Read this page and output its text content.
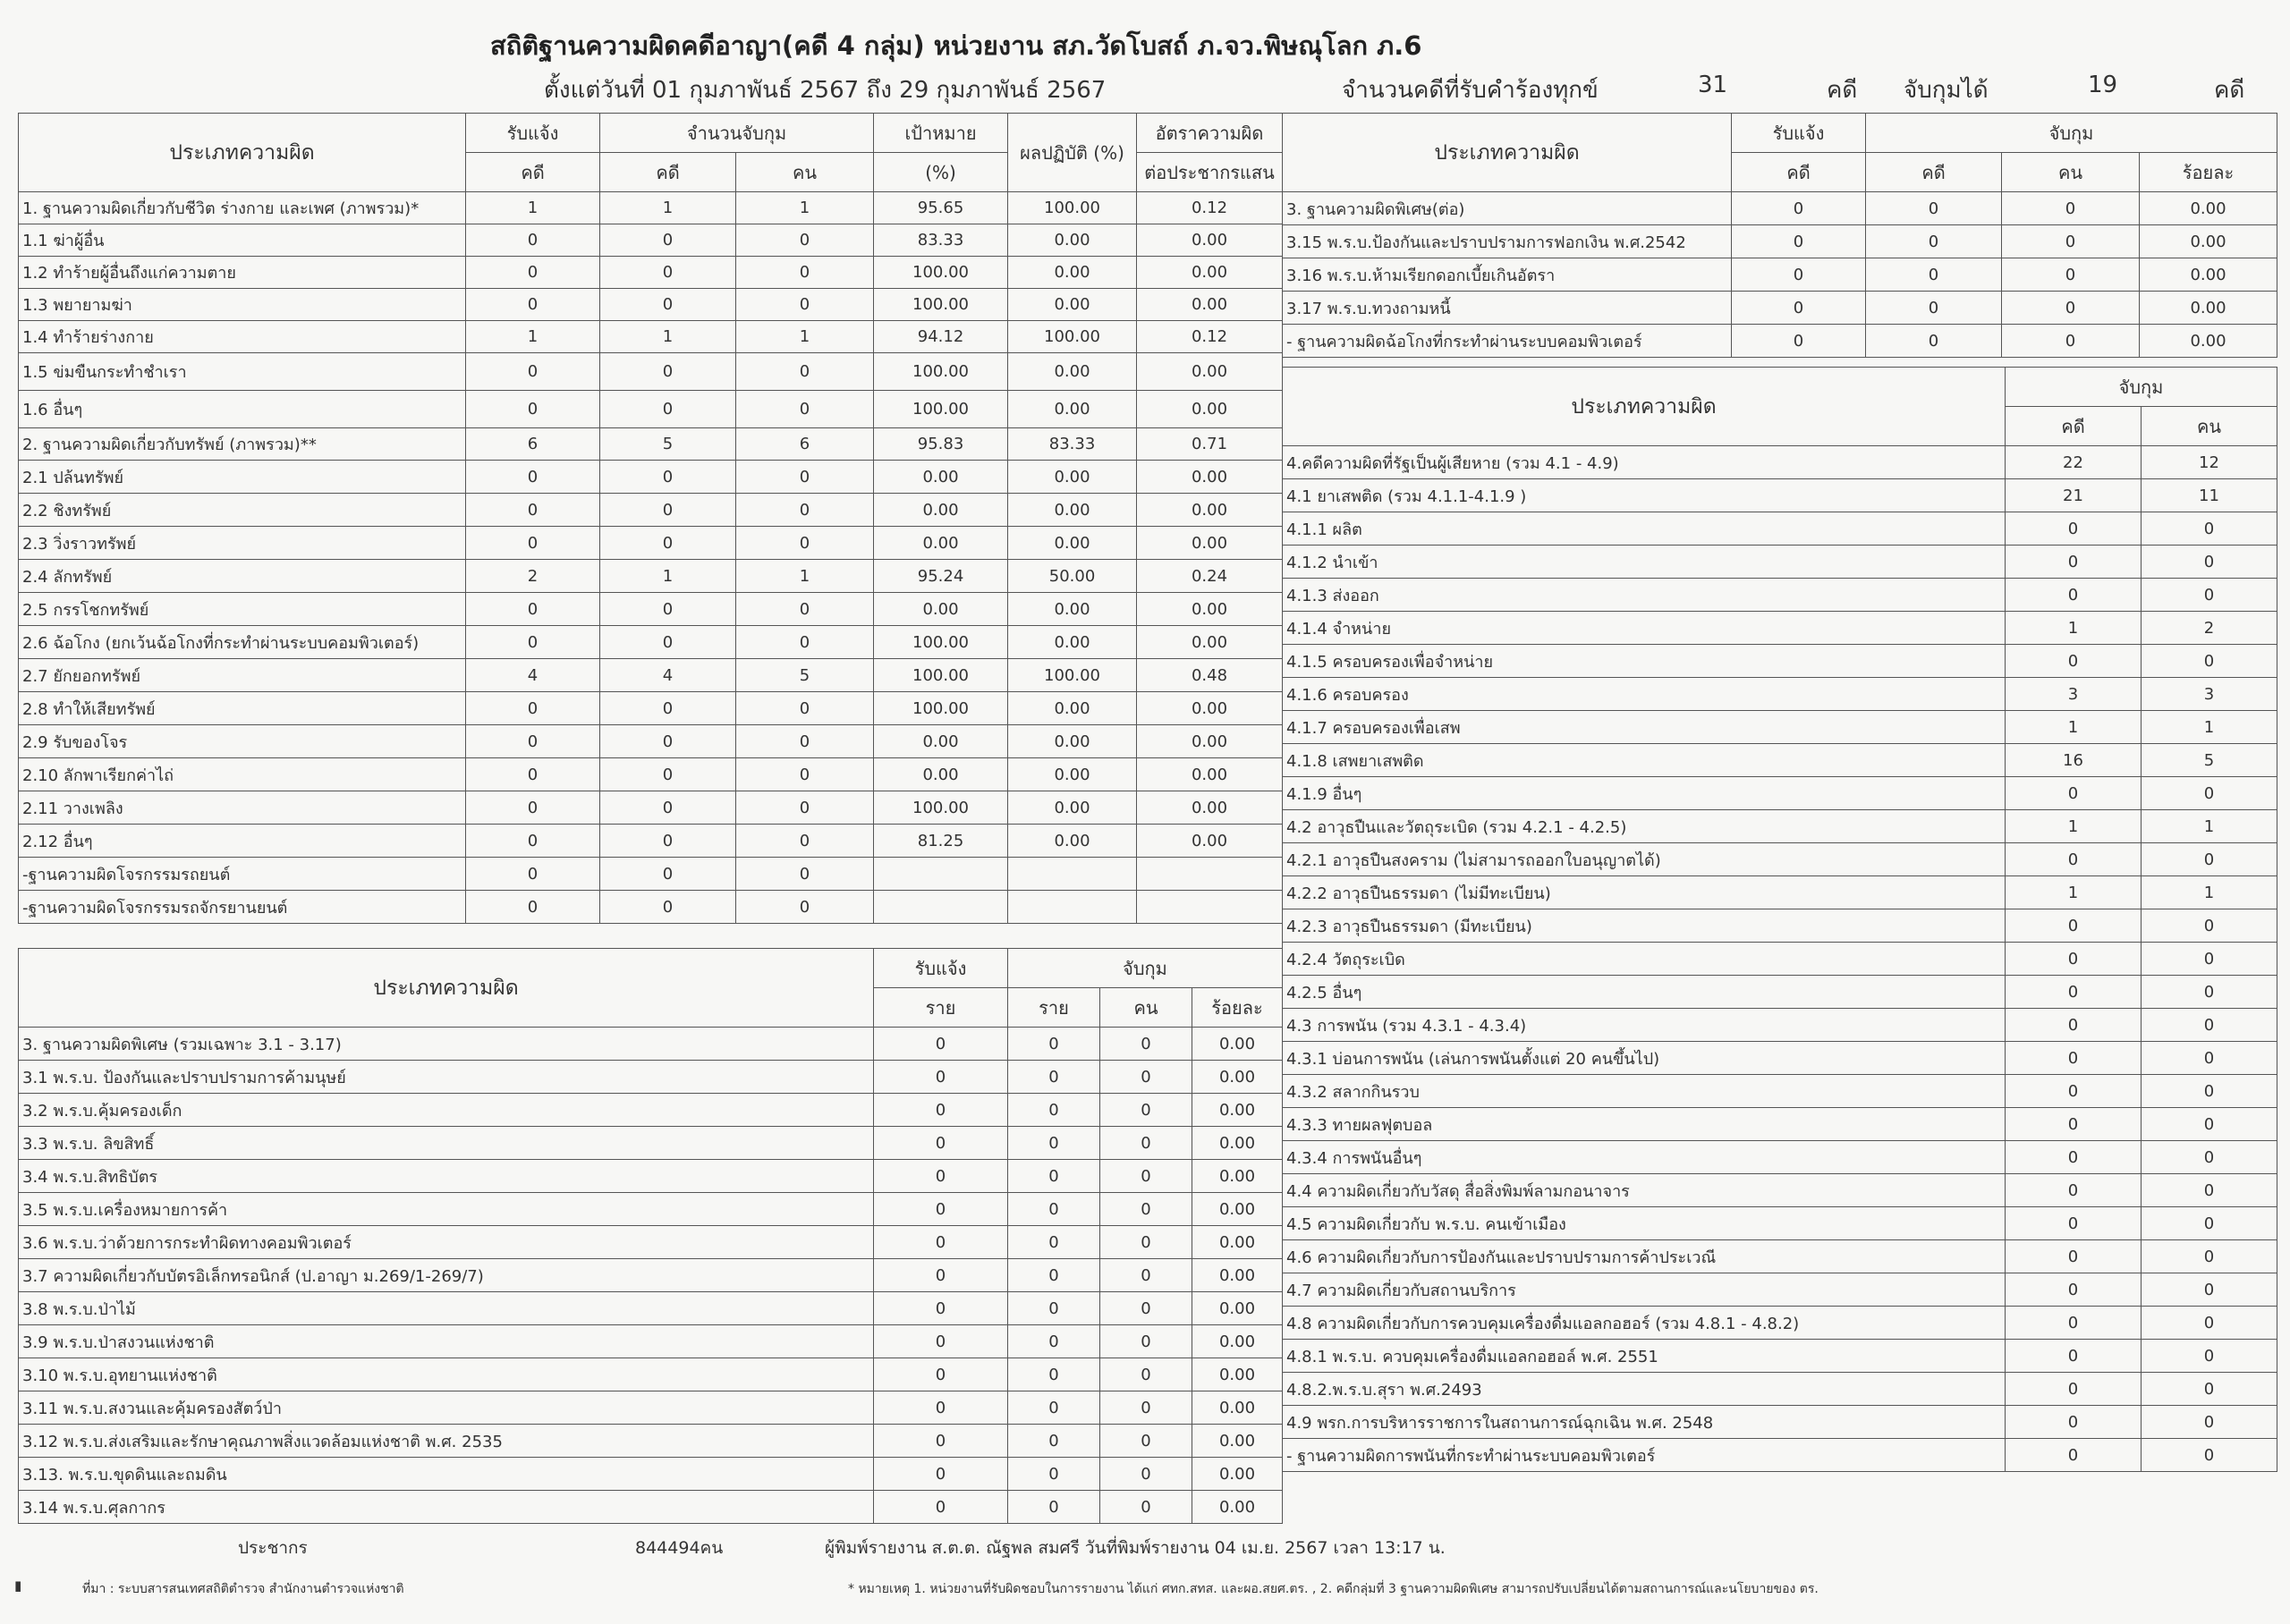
สถิติฐานความผิดคดีอาญา(คดี 4 กลุ่ม) หน่วยงาน สภ.วัดโบสถ์ ภ.จว.พิษณุโลก ภ.6
ตั้งแต่วันที่ 01 กุมภาพันธ์ 2567 ถึง 29 กุมภาพันธ์ 2567	จำนวนคดีที่รับคำร้องทุกข์	31	คดี จับกุมได้	19	คดี
ประเภทความผิด	รับแจ้ง	จำนวนจับกุม		เป้าหมาย	ผลปฏิบัติ (%)	อัตราความผิด
	คดี	คดี	คน	(%)		ต่อประชากรแสน
1. ฐานความผิดเกี่ยวกับชีวิต ร่างกาย และเพศ (ภาพรวม)*	1	1	1	95.65	100.00	0.12
1.1 ฆ่าผู้อื่น	0	0	0	83.33	0.00	0.00
1.2 ทำร้ายผู้อื่นถึงแก่ความตาย	0	0	0	100.00	0.00	0.00
1.3 พยายามฆ่า	0	0	0	100.00	0.00	0.00
1.4 ทำร้ายร่างกาย	1	1	1	94.12	100.00	0.12
1.5 ข่มขืนกระทำชำเรา	0	0	0	100.00	0.00	0.00
1.6 อื่นๆ	0	0	0	100.00	0.00	0.00
2. ฐานความผิดเกี่ยวกับทรัพย์ (ภาพรวม)**	6	5	6	95.83	83.33	0.71
2.1 ปล้นทรัพย์	0	0	0	0.00	0.00	0.00
2.2 ชิงทรัพย์	0	0	0	0.00	0.00	0.00
2.3 วิ่งราวทรัพย์	0	0	0	0.00	0.00	0.00
2.4 ลักทรัพย์	2	1	1	95.24	50.00	0.24
2.5 กรรโชกทรัพย์	0	0	0	0.00	0.00	0.00
2.6 ฉ้อโกง (ยกเว้นฉ้อโกงที่กระทำผ่านระบบคอมพิวเตอร์)	0	0	0	100.00	0.00	0.00
2.7 ยักยอกทรัพย์	4	4	5	100.00	100.00	0.48
2.8 ทำให้เสียทรัพย์	0	0	0	100.00	0.00	0.00
2.9 รับของโจร	0	0	0	0.00	0.00	0.00
2.10 ลักพาเรียกค่าไถ่	0	0	0	0.00	0.00	0.00
2.11 วางเพลิง	0	0	0	100.00	0.00	0.00
2.12 อื่นๆ	0	0	0	81.25	0.00	0.00
-ฐานความผิดโจรกรรมรถยนต์	0	0	0			
-ฐานความผิดโจรกรรมรถจักรยานยนต์	0	0	0			
ประเภทความผิด	รับแจ้ง	จับกุม		
	ราย	ราย	คน	ร้อยละ
3. ฐานความผิดพิเศษ (รวมเฉพาะ 3.1 - 3.17)	0	0	0	0.00
3.1 พ.ร.บ. ป้องกันและปราบปรามการค้ามนุษย์	0	0	0	0.00
3.2 พ.ร.บ.คุ้มครองเด็ก	0	0	0	0.00
3.3 พ.ร.บ. ลิขสิทธิ์	0	0	0	0.00
3.4 พ.ร.บ.สิทธิบัตร	0	0	0	0.00
3.5 พ.ร.บ.เครื่องหมายการค้า	0	0	0	0.00
3.6 พ.ร.บ.ว่าด้วยการกระทำผิดทางคอมพิวเตอร์	0	0	0	0.00
3.7 ความผิดเกี่ยวกับบัตรอิเล็กทรอนิกส์ (ป.อาญา ม.269/1-269/7)	0	0	0	0.00
3.8 พ.ร.บ.ป่าไม้	0	0	0	0.00
3.9 พ.ร.บ.ป่าสงวนแห่งชาติ	0	0	0	0.00
3.10 พ.ร.บ.อุทยานแห่งชาติ	0	0	0	0.00
3.11 พ.ร.บ.สงวนและคุ้มครองสัตว์ป่า	0	0	0	0.00
3.12 พ.ร.บ.ส่งเสริมและรักษาคุณภาพสิ่งแวดล้อมแห่งชาติ พ.ศ. 2535	0	0	0	0.00
3.13. พ.ร.บ.ขุดดินและถมดิน	0	0	0	0.00
3.14 พ.ร.บ.ศุลกากร	0	0	0	0.00
ประเภทความผิด	รับแจ้ง	จับกุม		
	คดี	คดี	คน	ร้อยละ
3. ฐานความผิดพิเศษ(ต่อ)	0	0	0	0.00
3.15 พ.ร.บ.ป้องกันและปราบปรามการฟอกเงิน พ.ศ.2542	0	0	0	0.00
3.16 พ.ร.บ.ห้ามเรียกดอกเบี้ยเกินอัตรา	0	0	0	0.00
3.17 พ.ร.บ.ทวงถามหนี้	0	0	0	0.00
- ฐานความผิดฉ้อโกงที่กระทำผ่านระบบคอมพิวเตอร์	0	0	0	0.00
ประเภทความผิด	จับกุม	
	คดี	คน
4.คดีความผิดที่รัฐเป็นผู้เสียหาย (รวม 4.1 - 4.9)	22	12
4.1 ยาเสพติด (รวม 4.1.1-4.1.9 )	21	11
4.1.1 ผลิต	0	0
4.1.2 นำเข้า	0	0
4.1.3 ส่งออก	0	0
4.1.4 จำหน่าย	1	2
4.1.5 ครอบครองเพื่อจำหน่าย	0	0
4.1.6 ครอบครอง	3	3
4.1.7 ครอบครองเพื่อเสพ	1	1
4.1.8 เสพยาเสพติด	16	5
4.1.9 อื่นๆ	0	0
4.2 อาวุธปืนและวัตถุระเบิด (รวม 4.2.1 - 4.2.5)	1	1
4.2.1 อาวุธปืนสงคราม (ไม่สามารถออกใบอนุญาตได้)	0	0
4.2.2 อาวุธปืนธรรมดา (ไม่มีทะเบียน)	1	1
4.2.3 อาวุธปืนธรรมดา (มีทะเบียน)	0	0
4.2.4 วัตถุระเบิด	0	0
4.2.5 อื่นๆ	0	0
4.3 การพนัน (รวม 4.3.1 - 4.3.4)	0	0
4.3.1 บ่อนการพนัน (เล่นการพนันตั้งแต่ 20 คนขึ้นไป)	0	0
4.3.2 สลากกินรวบ	0	0
4.3.3 ทายผลฟุตบอล	0	0
4.3.4 การพนันอื่นๆ	0	0
4.4 ความผิดเกี่ยวกับวัสดุ สื่อสิ่งพิมพ์ลามกอนาจาร	0	0
4.5 ความผิดเกี่ยวกับ พ.ร.บ. คนเข้าเมือง	0	0
4.6 ความผิดเกี่ยวกับการป้องกันและปราบปรามการค้าประเวณี	0	0
4.7 ความผิดเกี่ยวกับสถานบริการ	0	0
4.8 ความผิดเกี่ยวกับการควบคุมเครื่องดื่มแอลกอฮอร์ (รวม 4.8.1 - 4.8.2)	0	0
4.8.1 พ.ร.บ. ควบคุมเครื่องดื่มแอลกอฮอล์ พ.ศ. 2551	0	0
4.8.2.พ.ร.บ.สุรา พ.ศ.2493	0	0
4.9 พรก.การบริหารราชการในสถานการณ์ฉุกเฉิน พ.ศ. 2548	0	0
- ฐานความผิดการพนันที่กระทำผ่านระบบคอมพิวเตอร์	0	0
ประชากร	844494คน	ผู้พิมพ์รายงาน ส.ต.ต. ณัฐพล สมศรี วันที่พิมพ์รายงาน 04 เม.ย. 2567 เวลา 13:17 น.
▮	ที่มา : ระบบสารสนเทศสถิติตำรวจ สำนักงานตำรวจแห่งชาติ	* หมายเหตุ 1. หน่วยงานที่รับผิดชอบในการรายงาน ได้แก่ ศทก.สทส. และผอ.สยศ.ตร. , 2. คดีกลุ่มที่ 3 ฐานความผิดพิเศษ สามารถปรับเปลี่ยนได้ตามสถานการณ์และนโยบายของ ตร.
